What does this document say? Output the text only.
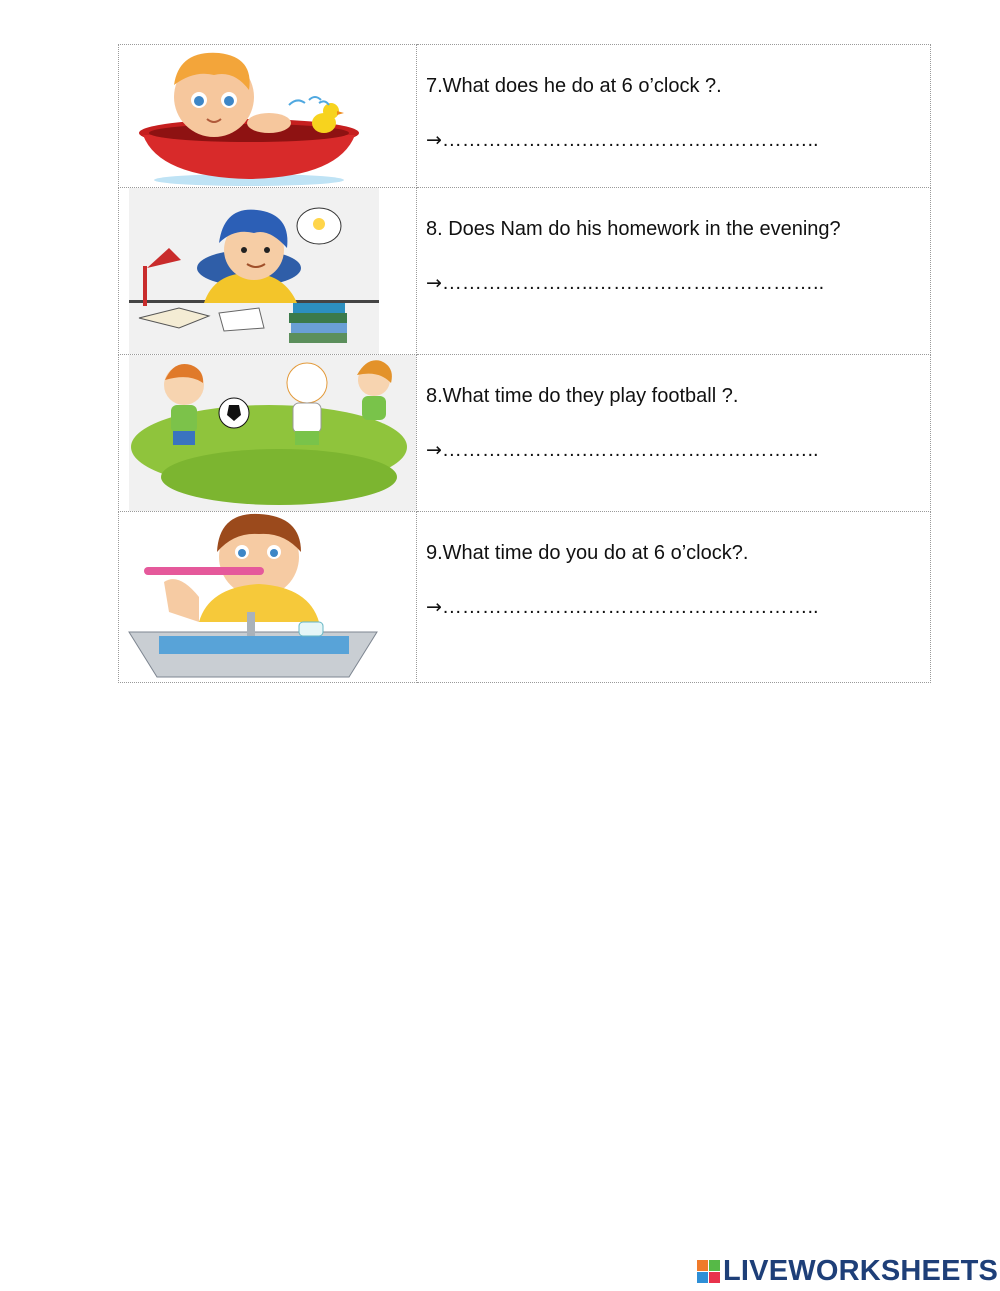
7.What does he do at 6 o’clock ?.
→………………….……………………………..

8. Does Nam do his homework in the evening?
→…………………..……………………………..

8.What time do they play football ?.
→………………….……………………………..

9.What time do you do at 6 o’clock?.
→………………….……………………………..
LIVEWORKSHEETS
